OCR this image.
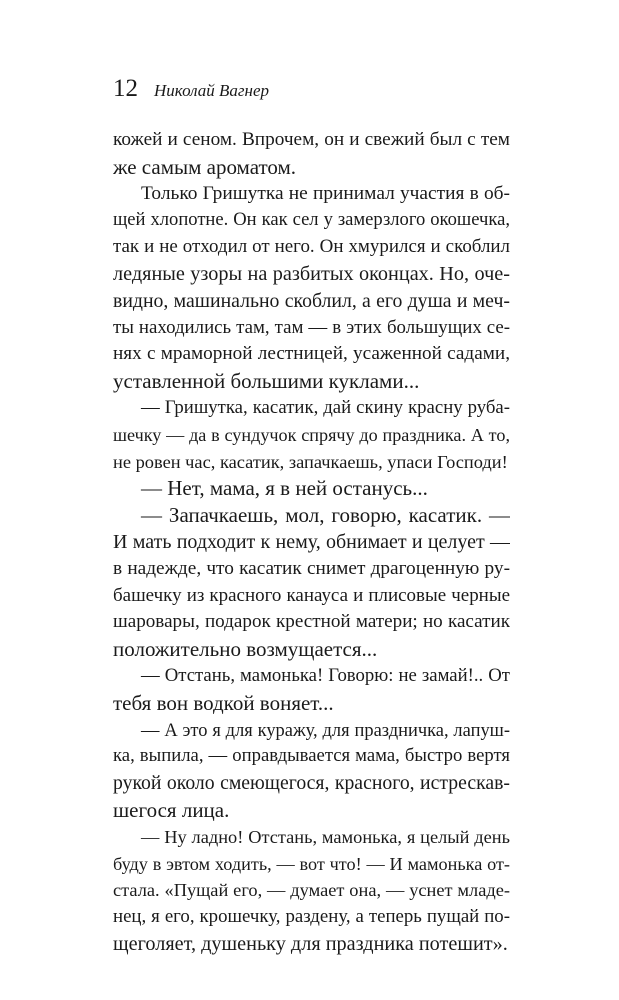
12 Николай Вагнер
кожей и сеном. Впрочем, он и свежий был с тем
же самым ароматом.
Только Гришутка не принимал участия в об-
щей хлопотне. Он как сел у замерзлого окошечка,
так и не отходил от него. Он хмурился и скоблил
ледяные узоры на разбитых оконцах. Но, оче-
видно, машинально скоблил, а его душа и меч-
ты находились там, там — в этих большущих се-
нях с мраморной лестницей, усаженной садами,
уставленной большими куклами...
— Гришутка, касатик, дай скину красну руба-
шечку — да в сундучок спрячу до праздника. А то,
не ровен час, касатик, запачкаешь, упаси Господи!
— Нет, мама, я в ней останусь...
— Запачкаешь, мол, говорю, касатик. —
И мать подходит к нему, обнимает и целует —
в надежде, что касатик снимет драгоценную ру-
башечку из красного канауса и плисовые черные
шаровары, подарок крестной матери; но касатик
положительно возмущается...
— Отстань, мамонька! Говорю: не замай!.. От
тебя вон водкой воняет...
— А это я для куражу, для праздничка, лапуш-
ка, выпила, — оправдывается мама, быстро вертя
рукой около смеющегося, красного, истрескав-
шегося лица.
— Ну ладно! Отстань, мамонька, я целый день
буду в эвтом ходить, — вот что! — И мамонька от-
стала. «Пущай его, — думает она, — уснет младе-
нец, я его, крошечку, раздену, а теперь пущай по-
щеголяет, душеньку для праздника потешит».
